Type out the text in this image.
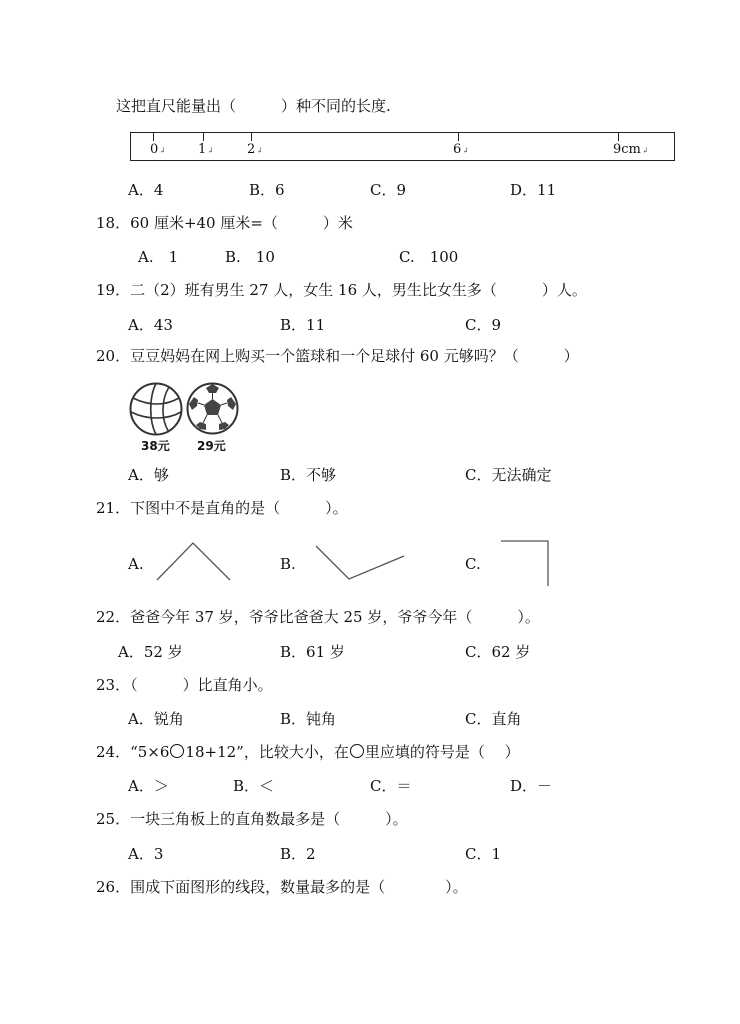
这把直尺能量出（　　　）种不同的长度.
0↲ 1↲	2↲	6↲	9cm↲
A．4	B．6	C．9	D．11
18．60 厘米+40 厘米=（　　　）米
A.　1	B.　10	C.　100
19．二（2）班有男生 27 人，女生 16 人，男生比女生多（　　　）人。
A．43	B．11	C．9
20．豆豆妈妈在网上购买一个篮球和一个足球付 60 元够吗？（　　　）
38元 29元
A．够	B．不够	C．无法确定
21．下图中不是直角的是（　　　）。
A.	B.	C.
22．爸爸今年 37 岁，爷爷比爸爸大 25 岁，爷爷今年（　　　）。
A．52 岁	B．61 岁	C．62 岁
23．（　　　）比直角小。
A．锐角	B．钝角	C．直角
24．“5×6 18+12”，比较大小，在 里应填的符号是（　 ）
A．＞	B．＜	C．＝	D．－
25．一块三角板上的直角数最多是（　　　）。
A．3	B．2	C．1
26．围成下面图形的线段，数量最多的是（　　　　）。
